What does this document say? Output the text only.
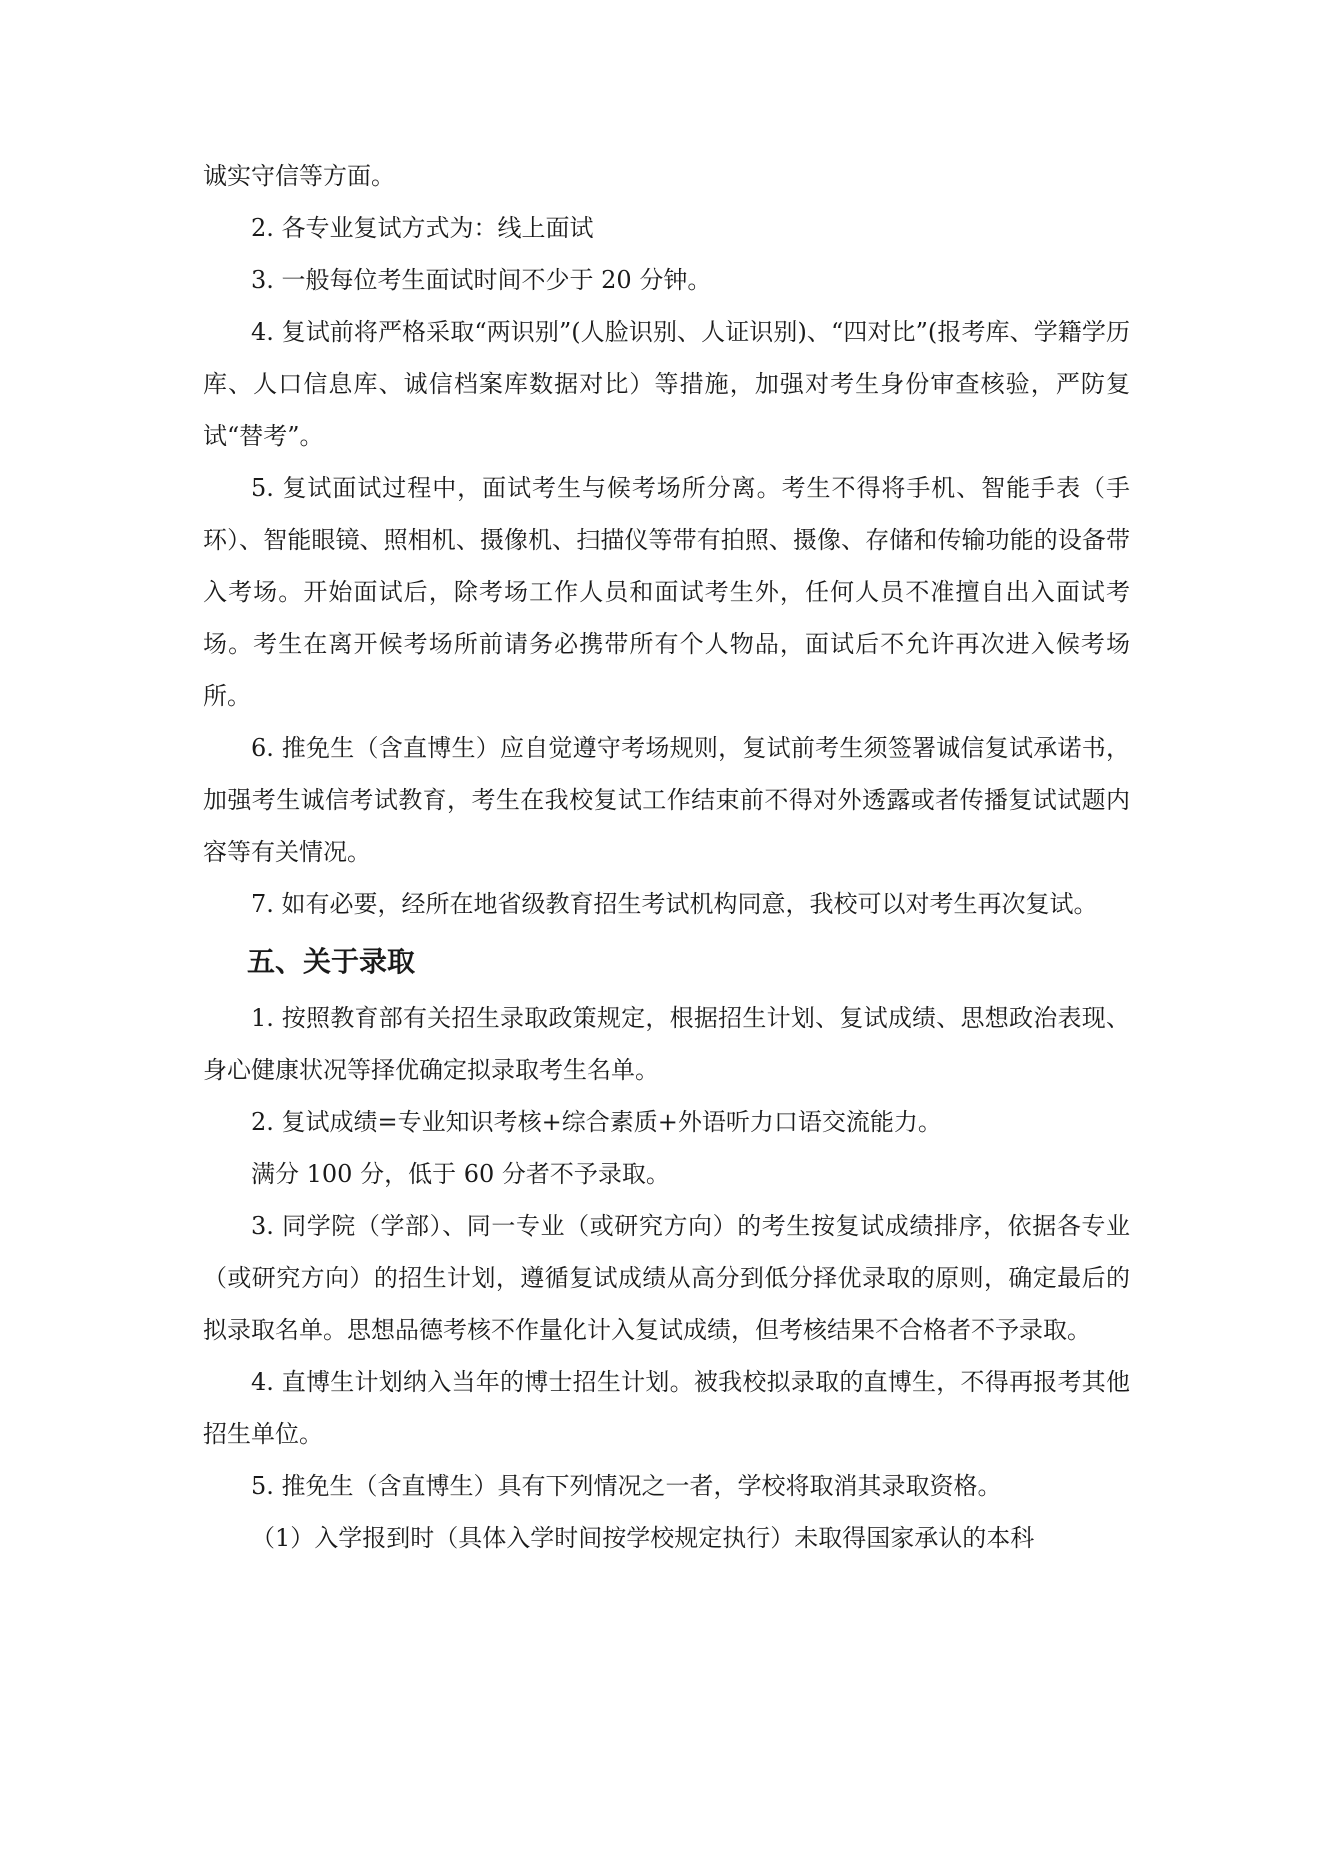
诚实守信等方面。

2. 各专业复试方式为：线上面试

3. 一般每位考生面试时间不少于 20 分钟。

4. 复试前将严格采取“两识别”(人脸识别、人证识别)、“四对比”(报考库、学籍学历库、人口信息库、诚信档案库数据对比）等措施，加强对考生身份审查核验，严防复试“替考”。

5. 复试面试过程中，面试考生与候考场所分离。考生不得将手机、智能手表（手环）、智能眼镜、照相机、摄像机、扫描仪等带有拍照、摄像、存储和传输功能的设备带入考场。开始面试后，除考场工作人员和面试考生外，任何人员不准擅自出入面试考场。考生在离开候考场所前请务必携带所有个人物品，面试后不允许再次进入候考场所。

6. 推免生（含直博生）应自觉遵守考场规则，复试前考生须签署诚信复试承诺书，加强考生诚信考试教育，考生在我校复试工作结束前不得对外透露或者传播复试试题内容等有关情况。

7. 如有必要，经所在地省级教育招生考试机构同意，我校可以对考生再次复试。

五、关于录取

1. 按照教育部有关招生录取政策规定，根据招生计划、复试成绩、思想政治表现、身心健康状况等择优确定拟录取考生名单。

2. 复试成绩=专业知识考核+综合素质+外语听力口语交流能力。

满分 100 分，低于 60 分者不予录取。

3. 同学院（学部）、同一专业（或研究方向）的考生按复试成绩排序，依据各专业（或研究方向）的招生计划，遵循复试成绩从高分到低分择优录取的原则，确定最后的拟录取名单。思想品德考核不作量化计入复试成绩，但考核结果不合格者不予录取。

4. 直博生计划纳入当年的博士招生计划。被我校拟录取的直博生，不得再报考其他招生单位。

5. 推免生（含直博生）具有下列情况之一者，学校将取消其录取资格。

（1）入学报到时（具体入学时间按学校规定执行）未取得国家承认的本科
